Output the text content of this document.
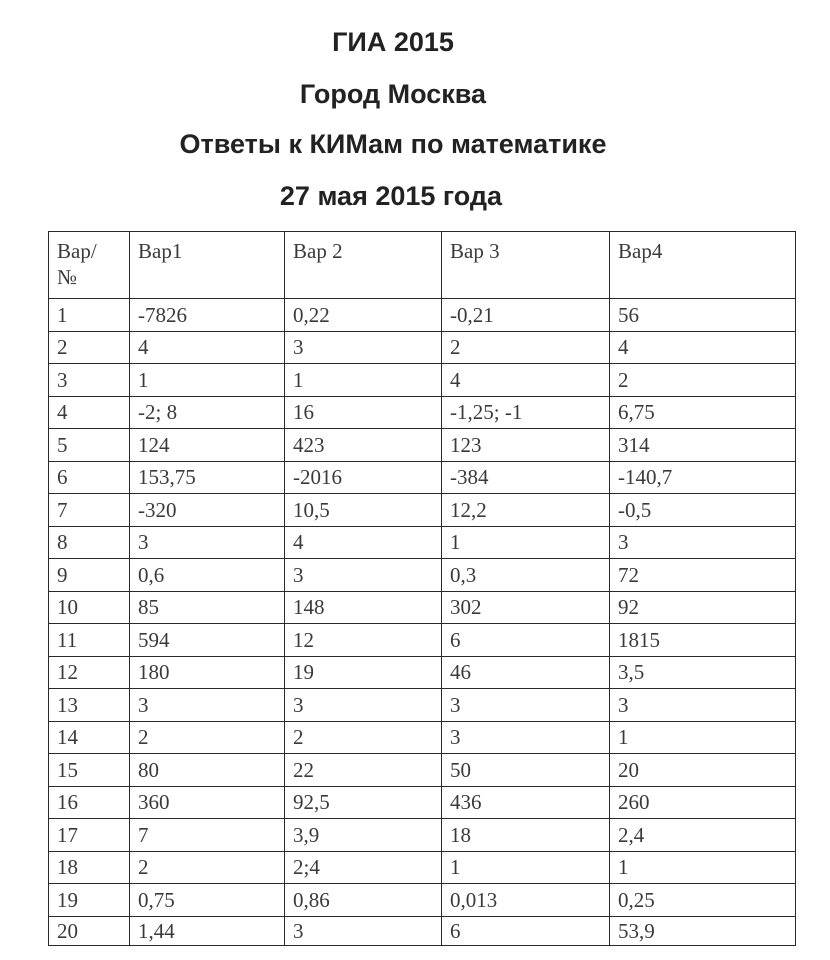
ГИА 2015
Город Москва
Ответы к КИМам по математике
27 мая 2015 года
Вар/ №	Вар1	Вар 2	Вар 3	Вар4
1	-7826	0,22	-0,21	56
2	4	3	2	4
3	1	1	4	2
4	-2; 8	16	-1,25; -1	6,75
5	124	423	123	314
6	153,75	-2016	-384	-140,7
7	-320	10,5	12,2	-0,5
8	3	4	1	3
9	0,6	3	0,3	72
10	85	148	302	92
11	594	12	6	1815
12	180	19	46	3,5
13	3	3	3	3
14	2	2	3	1
15	80	22	50	20
16	360	92,5	436	260
17	7	3,9	18	2,4
18	2	2;4	1	1
19	0,75	0,86	0,013	0,25
20	1,44	3	6	53,9
